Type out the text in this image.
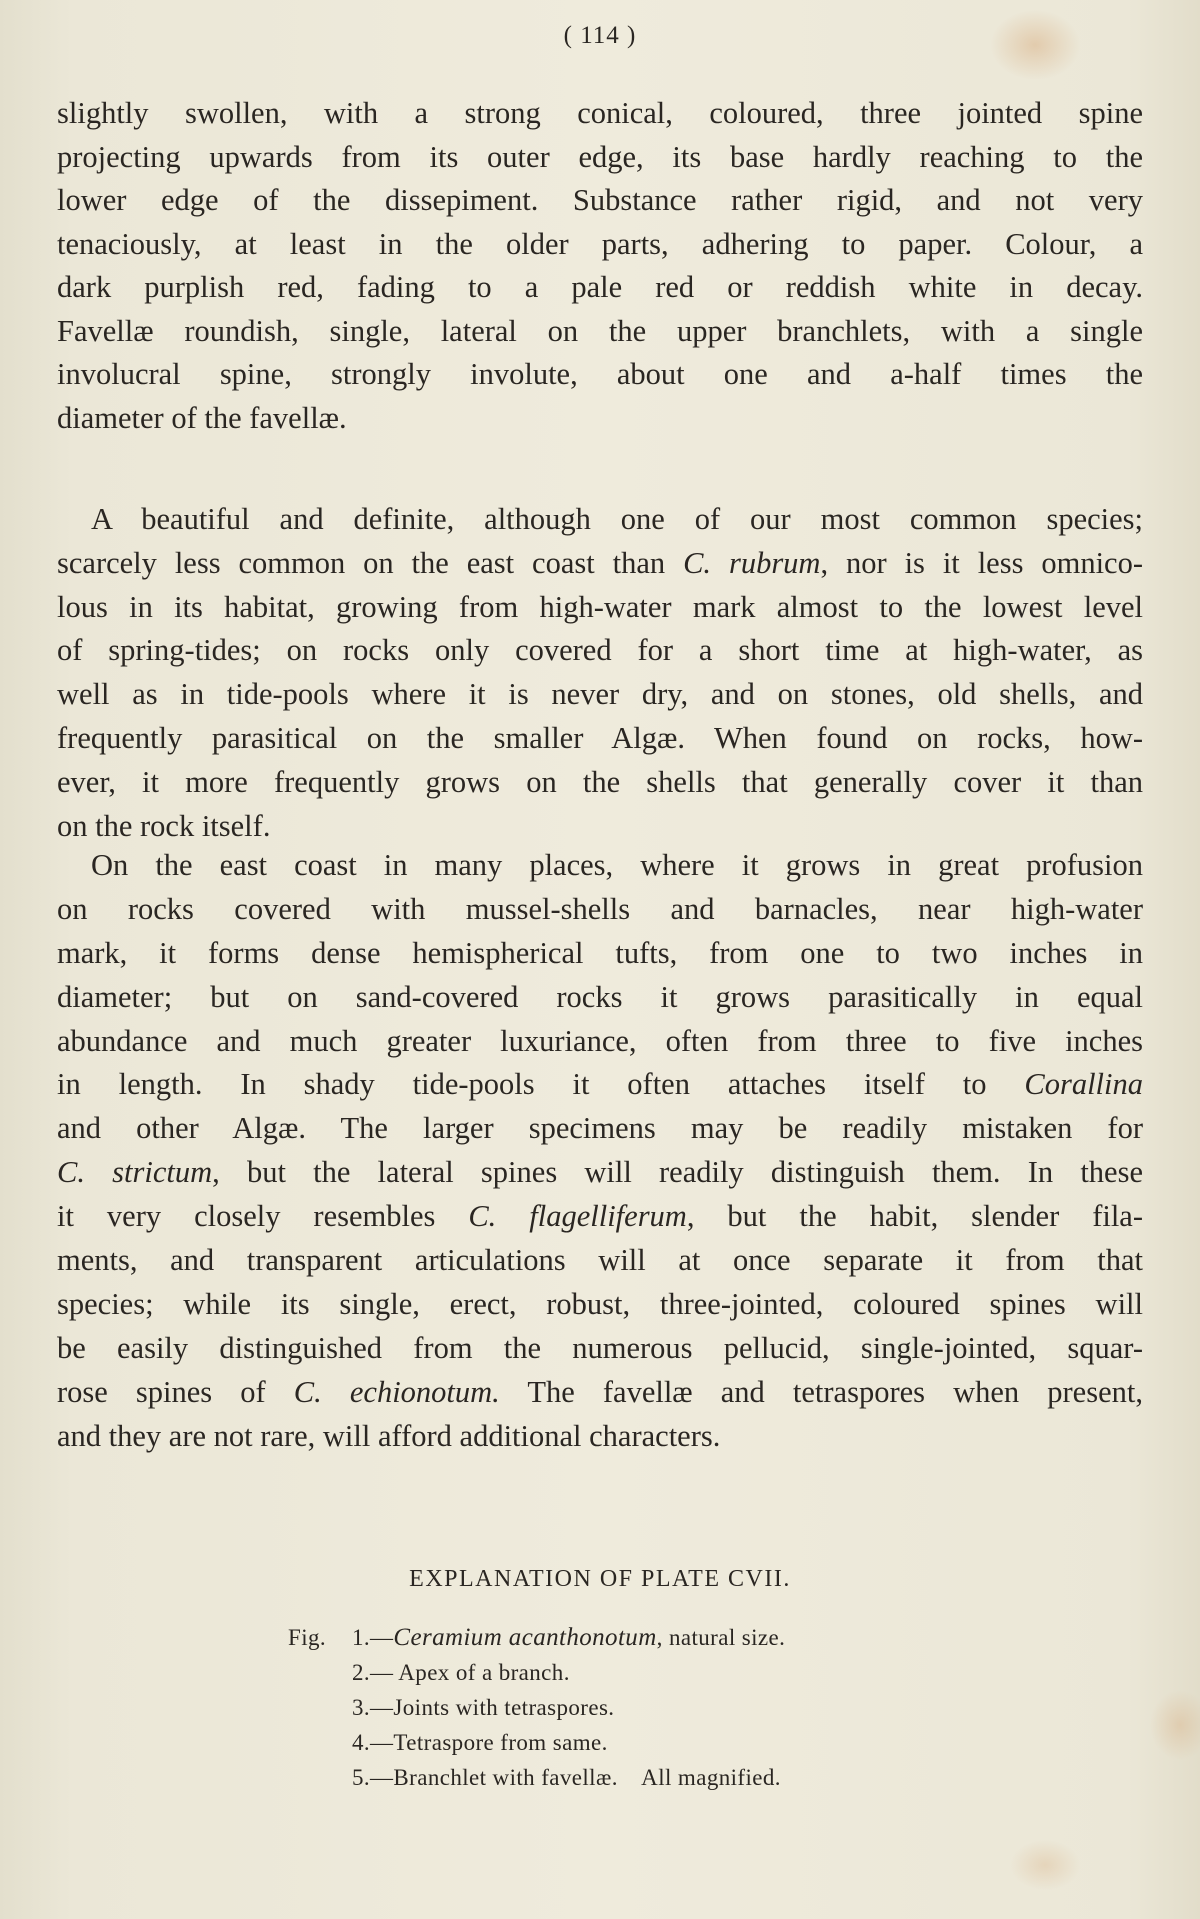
( 114 )
slightly swollen, with a strong conical, coloured, three jointed spine
projecting upwards from its outer edge, its base hardly reaching to the
lower edge of the dissepiment. Substance rather rigid, and not very
tenaciously, at least in the older parts, adhering to paper. Colour, a
dark purplish red, fading to a pale red or reddish white in decay.
Favellæ roundish, single, lateral on the upper branchlets, with a single
involucral spine, strongly involute, about one and a-half times the
diameter of the favellæ.
A beautiful and definite, although one of our most common species;
scarcely less common on the east coast than C. rubrum, nor is it less omnico-
lous in its habitat, growing from high-water mark almost to the lowest level
of spring-tides; on rocks only covered for a short time at high-water, as
well as in tide-pools where it is never dry, and on stones, old shells, and
frequently parasitical on the smaller Algæ. When found on rocks, how-
ever, it more frequently grows on the shells that generally cover it than
on the rock itself.
On the east coast in many places, where it grows in great profusion
on rocks covered with mussel-shells and barnacles, near high-water
mark, it forms dense hemispherical tufts, from one to two inches in
diameter; but on sand-covered rocks it grows parasitically in equal
abundance and much greater luxuriance, often from three to five inches
in length. In shady tide-pools it often attaches itself to Corallina
and other Algæ. The larger specimens may be readily mistaken for
C. strictum, but the lateral spines will readily distinguish them. In these
it very closely resembles C. flagelliferum, but the habit, slender fila-
ments, and transparent articulations will at once separate it from that
species; while its single, erect, robust, three-jointed, coloured spines will
be easily distinguished from the numerous pellucid, single-jointed, squar-
rose spines of C. echionotum. The favellæ and tetraspores when present,
and they are not rare, will afford additional characters.
EXPLANATION OF PLATE CVII.
Fig. 1.—Ceramium acanthonotum, natural size.
2.— Apex of a branch.
3.—Joints with tetraspores.
4.—Tetraspore from same.
5.—Branchlet with favellæ.    All magnified.
